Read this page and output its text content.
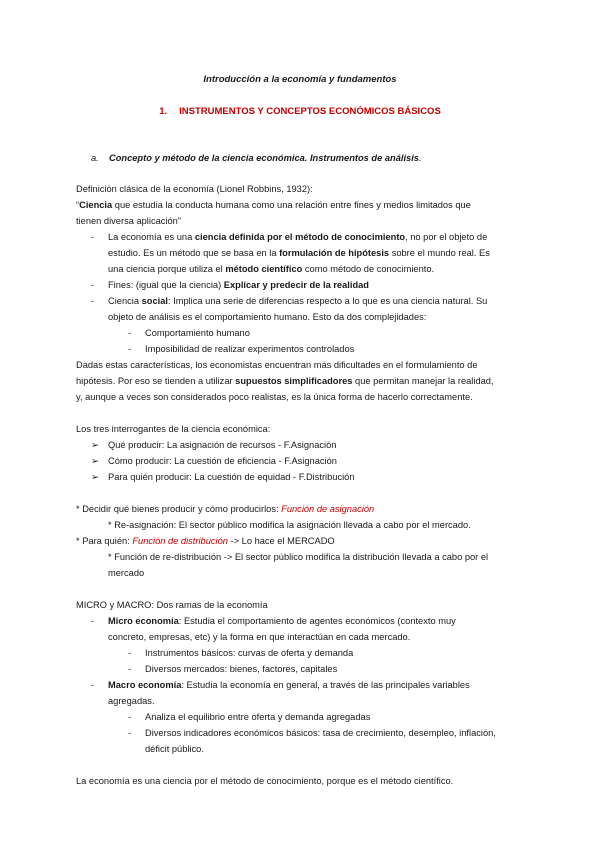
Introducción a la economía y fundamentos
1. INSTRUMENTOS Y CONCEPTOS ECONÓMICOS BÁSICOS
a. Concepto y método de la ciencia económica. Instrumentos de análisis.
Definición clásica de la economía (Lionel Robbins, 1932):
“Ciencia que estudia la conducta humana como una relación entre fines y medios limitados que
tienen diversa aplicación”
-	La economía es una ciencia definida por el método de conocimiento, no por el objeto de
estudio. Es un método que se basa en la formulación de hipótesis sobre el mundo real. Es
una ciencia porque utiliza el método científico como método de conocimiento.
-	Fines: (igual que la ciencia) Explicar y predecir de la realidad
-	Ciencia social: Implica una serie de diferencias respecto a lo que es una ciencia natural. Su
objeto de análisis es el comportamiento humano. Esto da dos complejidades:
-	Comportamiento humano
-	Imposibilidad de realizar experimentos controlados
Dadas estas características, los economistas encuentran más dificultades en el formulamiento de
hipótesis. Por eso se tienden a utilizar supuestos simplificadores que permitan manejar la realidad,
y, aunque a veces son considerados poco realistas, es la única forma de hacerlo correctamente.
Los tres interrogantes de la ciencia económica:
➢ Qué producir: La asignación de recursos - F.Asignación
➢ Cómo producir: La cuestión de eficiencia - F.Asignación
➢ Para quién producir: La cuestión de equidad - F.Distribución
* Decidir qué bienes producir y cómo producirlos: Función de asignación
* Re-asignación: El sector público modifica la asignación llevada a cabo por el mercado.
* Para quién: Función de distribución -> Lo hace el MERCADO
* Función de re-distribución -> El sector público modifica la distribución llevada a cabo por el
mercado
MICRO y MACRO: Dos ramas de la economía
-	Micro economía: Estudia el comportamiento de agentes económicos (contexto muy
concreto, empresas, etc) y la forma en que interactúan en cada mercado.
-	Instrumentos básicos: curvas de oferta y demanda
-	Diversos mercados: bienes, factores, capitales
-	Macro economía: Estudia la economía en general, a través de las principales variables
agregadas.
-	Analiza el equilibrio entre oferta y demanda agregadas
-	Diversos indicadores económicos básicos: tasa de crecimiento, desempleo, inflación,
déficit público.
La economía es una ciencia por el método de conocimiento, porque es el método científico.
